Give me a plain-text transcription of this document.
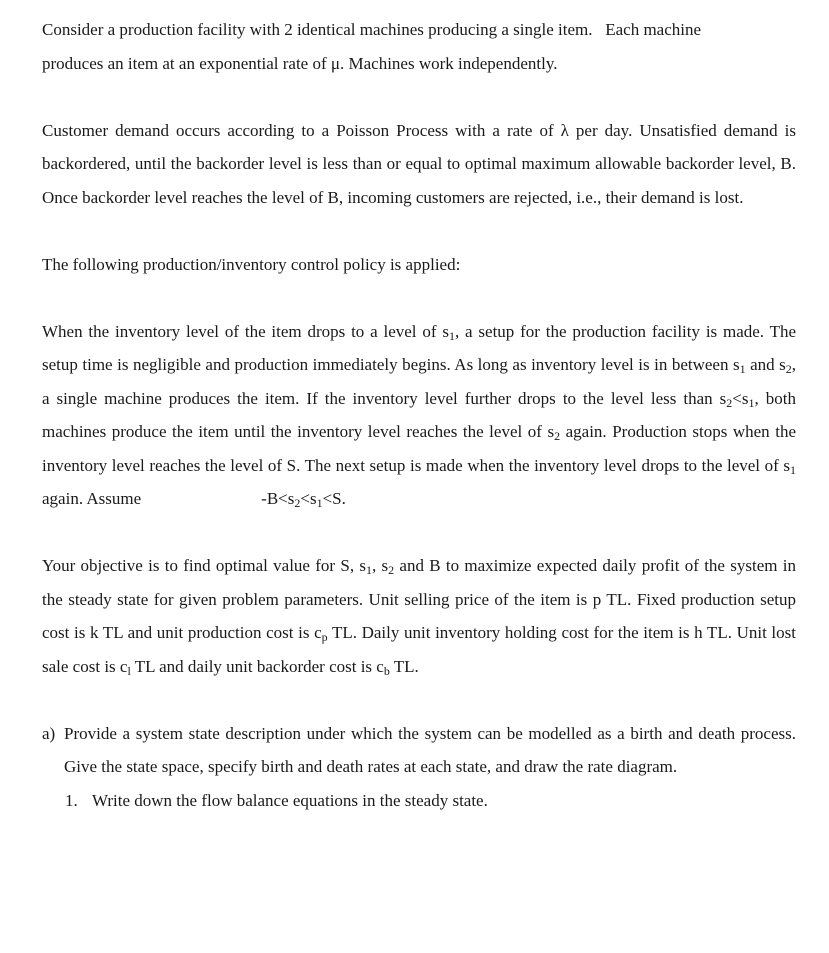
Consider a production facility with 2 identical machines producing a single item.   Each machine
produces an item at an exponential rate of μ. Machines work independently.

Customer demand occurs according to a Poisson Process with a rate of λ per day. Unsatisfied demand is backordered, until the backorder level is less than or equal to optimal maximum allowable backorder level, B. Once backorder level reaches the level of B, incoming customers are rejected, i.e., their demand is lost.

The following production/inventory control policy is applied:

When the inventory level of the item drops to a level of $s_1$, a setup for the production facility is made. The setup time is negligible and production immediately begins. As long as inventory level is in between $s_1$ and $s_2$, a single machine produces the item. If the inventory level further drops to the level less than $s_2<s_1$, both machines produce the item until the inventory level reaches the level of $s_2$ again. Production stops when the inventory level reaches the level of S. The next setup is made when the inventory level drops to the level of $s_1$ again. Assume	$-B<s_2<s_1<S$.

Your objective is to find optimal value for S, $s_1$, $s_2$ and B to maximize expected daily profit of the system in the steady state for given problem parameters. Unit selling price of the item is p TL. Fixed production setup cost is k TL and unit production cost is $c_p$ TL. Daily unit inventory holding cost for the item is h TL. Unit lost sale cost is $c_l$ TL and daily unit backorder cost is $c_b$ TL.

a) Provide a system state description under which the system can be modelled as a birth and death process. Give the state space, specify birth and death rates at each state, and draw the rate diagram.

1. Write down the flow balance equations in the steady state.
